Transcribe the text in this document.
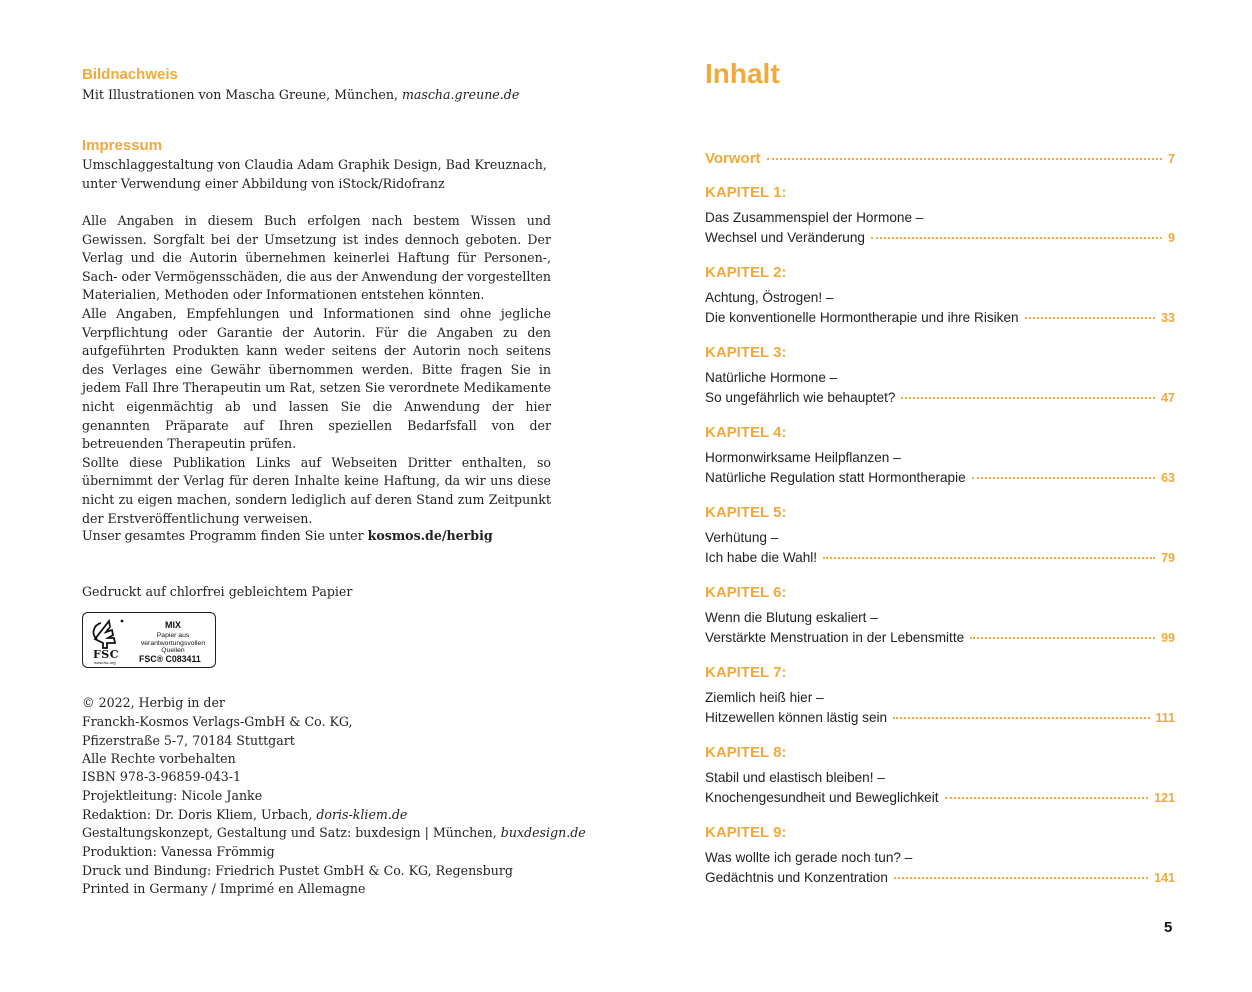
Bildnachweis

Mit Illustrationen von Mascha Greune, München, mascha.greune.de

Impressum

Umschlaggestaltung von Claudia Adam Graphik Design, Bad Kreuznach,

unter Verwendung einer Abbildung von iStock/Ridofranz

Alle Angaben in diesem Buch erfolgen nach bestem Wissen und Gewissen. Sorgfalt bei der Umsetzung ist indes dennoch geboten. Der Verlag und die Autorin übernehmen keinerlei Haftung für Personen-, Sach- oder Vermögensschäden, die aus der Anwendung der vorgestellten Materialien, Methoden oder Informationen entstehen könnten.

Alle Angaben, Empfehlungen und Informationen sind ohne jegliche Verpflichtung oder Garantie der Autorin. Für die Angaben zu den aufgeführten Produkten kann weder seitens der Autorin noch seitens des Verlages eine Gewähr übernommen werden. Bitte fragen Sie in jedem Fall Ihre Therapeutin um Rat, setzen Sie verordnete Medikamente nicht eigenmächtig ab und lassen Sie die Anwendung der hier genannten Präparate auf Ihren speziellen Bedarfsfall von der betreuenden Therapeutin prüfen.

Sollte diese Publikation Links auf Webseiten Dritter enthalten, so übernimmt der Verlag für deren Inhalte keine Haftung, da wir uns diese nicht zu eigen machen, sondern lediglich auf deren Stand zum Zeitpunkt der Erstveröffentlichung verweisen.

Unser gesamtes Programm finden Sie unter kosmos.de/herbig

Gedruckt auf chlorfrei gebleichtem Papier

FSC
www.fsc.org
MIX
Papier aus verantwortungsvollen Quellen
FSC® C083411

© 2022, Herbig in der

Franckh-Kosmos Verlags-GmbH & Co. KG,

Pfizerstraße 5-7, 70184 Stuttgart

Alle Rechte vorbehalten

ISBN 978-3-96859-043-1

Projektleitung: Nicole Janke

Redaktion: Dr. Doris Kliem, Urbach, doris-kliem.de

Gestaltungskonzept, Gestaltung und Satz: buxdesign | München, buxdesign.de

Produktion: Vanessa Frömmig

Druck und Bindung: Friedrich Pustet GmbH & Co. KG, Regensburg

Printed in Germany / Imprimé en Allemagne

Inhalt
Vorwort	7
KAPITEL 1:
Das Zusammenspiel der Hormone –
Wechsel und Veränderung	9
KAPITEL 2:
Achtung, Östrogen! –
Die konventionelle Hormontherapie und ihre Risiken	33
KAPITEL 3:
Natürliche Hormone –
So ungefährlich wie behauptet?	47
KAPITEL 4:
Hormonwirksame Heilpflanzen –
Natürliche Regulation statt Hormontherapie	63
KAPITEL 5:
Verhütung –
Ich habe die Wahl!	79
KAPITEL 6:
Wenn die Blutung eskaliert –
Verstärkte Menstruation in der Lebensmitte	99
KAPITEL 7:
Ziemlich heiß hier –
Hitzewellen können lästig sein	111
KAPITEL 8:
Stabil und elastisch bleiben! –
Knochengesundheit und Beweglichkeit	121
KAPITEL 9:
Was wollte ich gerade noch tun? –
Gedächtnis und Konzentration	141
5
